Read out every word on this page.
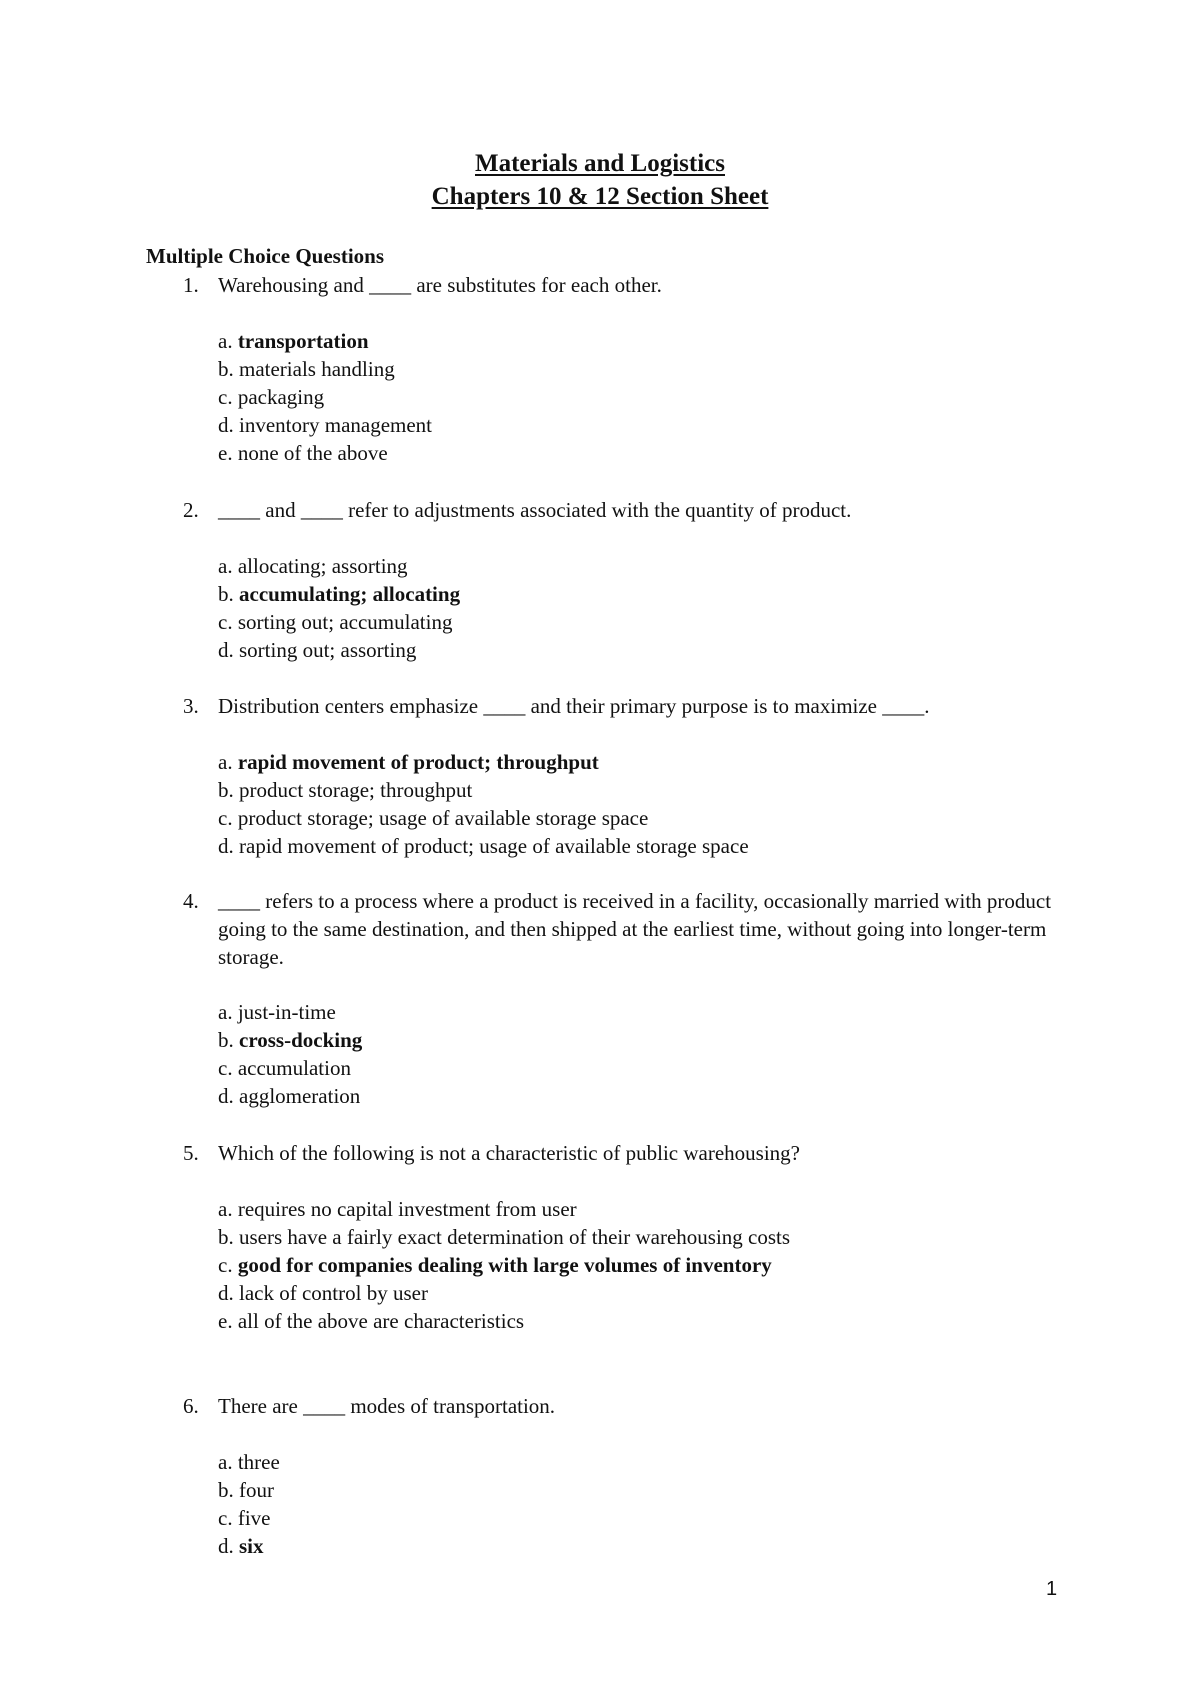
Materials and Logistics
Chapters 10 & 12 Section Sheet
Multiple Choice Questions
1. Warehousing and ____ are substitutes for each other.
a. transportation
b. materials handling
c. packaging
d. inventory management
e. none of the above
2. ____ and ____ refer to adjustments associated with the quantity of product.
a. allocating; assorting
b. accumulating; allocating
c. sorting out; accumulating
d. sorting out; assorting
3. Distribution centers emphasize ____ and their primary purpose is to maximize ____.
a. rapid movement of product; throughput
b. product storage; throughput
c. product storage; usage of available storage space
d. rapid movement of product; usage of available storage space
4. ____ refers to a process where a product is received in a facility, occasionally married with product going to the same destination, and then shipped at the earliest time, without going into longer-term storage.
a. just-in-time
b. cross-docking
c. accumulation
d. agglomeration
5. Which of the following is not a characteristic of public warehousing?
a. requires no capital investment from user
b. users have a fairly exact determination of their warehousing costs
c. good for companies dealing with large volumes of inventory
d. lack of control by user
e. all of the above are characteristics
6. There are ____ modes of transportation.
a. three
b. four
c. five
d. six
1
